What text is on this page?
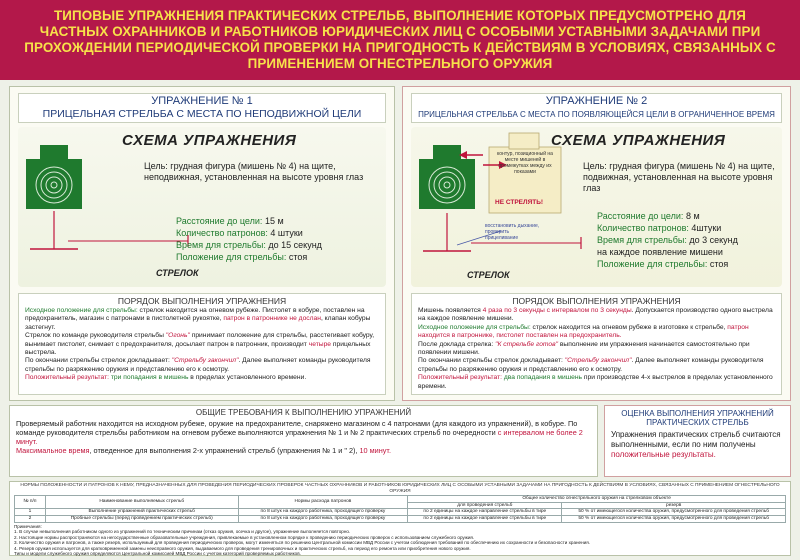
ТИПОВЫЕ УПРАЖНЕНИЯ ПРАКТИЧЕСКИХ СТРЕЛЬБ, ВЫПОЛНЕНИЕ КОТОРЫХ ПРЕДУСМОТРЕНО ДЛЯ ЧАСТНЫХ ОХРАННИКОВ И РАБОТНИКОВ ЮРИДИЧЕСКИХ ЛИЦ С ОСОБЫМИ УСТАВНЫМИ ЗАДАЧАМИ ПРИ ПРОХОЖДЕНИИ ПЕРИОДИЧЕСКОЙ ПРОВЕРКИ НА ПРИГОДНОСТЬ К ДЕЙСТВИЯМ В УСЛОВИЯХ, СВЯЗАННЫХ С ПРИМЕНЕНИЕМ ОГНЕСТРЕЛЬНОГО ОРУЖИЯ
УПРАЖНЕНИЕ № 1
ПРИЦЕЛЬНАЯ СТРЕЛЬБА С МЕСТА ПО НЕПОДВИЖНОЙ ЦЕЛИ
СХЕМА УПРАЖНЕНИЯ
Цель: грудная фигура (мишень № 4) на щите, неподвижная, установленная на высоте уровня глаз
Расстояние до цели: 15 м
Количество патронов: 4 штуки
Время для стрельбы: до 15 секунд
Положение для стрельбы: стоя
СТРЕЛОК
ПОРЯДОК ВЫПОЛНЕНИЯ УПРАЖНЕНИЯ
Исходное положение для стрельбы: стрелок находится на огневом рубеже. Пистолет в кобуре, поставлен на предохранитель, магазин с патронами в пистолетной рукоятке, патрон в патроннике не дослан, клапан кобуры застегнут.
Стрелок по команде руководителя стрельбы "Огонь" принимает положение для стрельбы, расстегивает кобуру, вынимает пистолет, снимает с предохранителя, досылает патрон в патронник, производит четыре прицельных выстрела.
По окончании стрельбы стрелок докладывает: "Стрельбу закончил". Далее выполняет команды руководителя стрельбы по разряжению оружия и представлению его к осмотру.
Положительный результат: три попадания в мишень в пределах установленного времени.
УПРАЖНЕНИЕ № 2
ПРИЦЕЛЬНАЯ СТРЕЛЬБА С МЕСТА ПО ПОЯВЛЯЮЩЕЙСЯ ЦЕЛИ В ОГРАНИЧЕННОЕ ВРЕМЯ
СХЕМА УПРАЖНЕНИЯ
контур, позиционный на месте мишеней в промежутках между их показами
НЕ СТРЕЛЯТЬ!
восстановить дыхание, проверить прицеливание
Цель: грудная фигура (мишень № 4) на щите, подвижная, установленная на высоте уровня глаз
Расстояние до цели: 8 м
Количество патронов: 4штуки
Время для стрельбы: до 3 секунд
на каждое появление мишени
Положение для стрельбы: стоя
СТРЕЛОК
ПОРЯДОК ВЫПОЛНЕНИЯ УПРАЖНЕНИЯ
Мишень появляется 4 раза по 3 секунды с интервалом по 3 секунды. Допускается производство одного выстрела на каждое появление мишени.
Исходное положение для стрельбы: стрелок находится на огневом рубеже в изготовке к стрельбе, патрон находится в патроннике, пистолет поставлен на предохранитель.
После доклада стрелка: "К стрельбе готов" выполнение им упражнения начинается самостоятельно при появлении мишени.
По окончании стрельбы стрелок докладывает: "Стрельбу закончил". Далее выполняет команды руководителя стрельбы по разряжению оружия и представлению его к осмотру.
Положительный результат: два попадания в мишень при производстве 4-х выстрелов в пределах установленного времени.
ОБЩИЕ ТРЕБОВАНИЯ К ВЫПОЛНЕНИЮ УПРАЖНЕНИЙ
Проверяемый работник находится на исходном рубеже, оружие на предохранителе, снаряжено магазином с 4 патронами (для каждого из упражнений), в кобуре. По команде руководителя стрельбы работником на огневом рубеже выполняются упражнения № 1 и № 2 практических стрельб по очередности с интервалом не более 2 минут.
Максимальное время, отведенное для выполнения 2-х упражнений стрельб (упражнения № 1 и " 2), 10 минут.
ОЦЕНКА ВЫПОЛНЕНИЯ УПРАЖНЕНИЙ ПРАКТИЧЕСКИХ СТРЕЛЬБ
Упражнения практических стрельб считаются выполненными, если по ним получены положительные результаты.
НОРМЫ ПОЛОЖЕННОСТИ И ПАТРОНОВ К НЕМУ, ПРЕДНАЗНАЧЕННЫХ ДЛЯ ПРОВЕДЕНИЯ ПЕРИОДИЧЕСКИХ ПРОВЕРОК ЧАСТНЫХ ОХРАННИКОВ И РАБОТНИКОВ ЮРИДИЧЕСКИХ ЛИЦ С ОСОБЫМИ УСТАВНЫМИ ЗАДАЧАМИ НА ПРИГОДНОСТЬ К ДЕЙСТВИЯМ В УСЛОВИЯХ, СВЯЗАННЫХ С ПРИМЕНЕНИЕМ ОГНЕСТРЕЛЬНОГО ОРУЖИЯ
№ п/п	Наименование выполняемых стрельб	Нормы расхода патронов	Общее количество огнестрельного оружия на стрелковом объекте	
			для проведения стрельб	резерв
1	Выполнение упражнений практических стрельб	по 8 штук на каждого работника, проходящего проверку	по 2 единицы на каждое направление стрельбы в тире	50 % от имеющегося количества оружия, предусмотренного для проведения стрельб
2	Пробные стрельбы (перед проведением практических стрельб)	по 8 штук на каждого работника, проходящего проверку	по 2 единицы на каждое направление стрельбы в тире	50 % от имеющегося количества оружия, предусмотренного для проведения стрельб
Примечания:
1. В случае невыполнения работником одного из упражнений по техническим причинам (отказ оружия, осечка и другое), упражнение выполняется повторно.
2. Настоящие нормы распространяются на негосударственные образовательные учреждения, привлекаемые в установленном порядке к проведению периодических проверок с использованием служебного оружия.
3. Количество оружия и патронов, а также резерв, используемый для проведения периодических проверок, могут изменяться по решению Центральной комиссии МВД России с учетом соблюдения требований по обеспечению их сохранности и безопасности хранения.
4. Резерв оружия используется для кратковременной замены неисправного оружия, выдаваемого для проведения тренировочных и практических стрельб, на период его ремонта или приобретения нового оружия.
Типы и модели служебного оружия определяются Центральной комиссией МВД России с учетом категорий проверяемых работников.
